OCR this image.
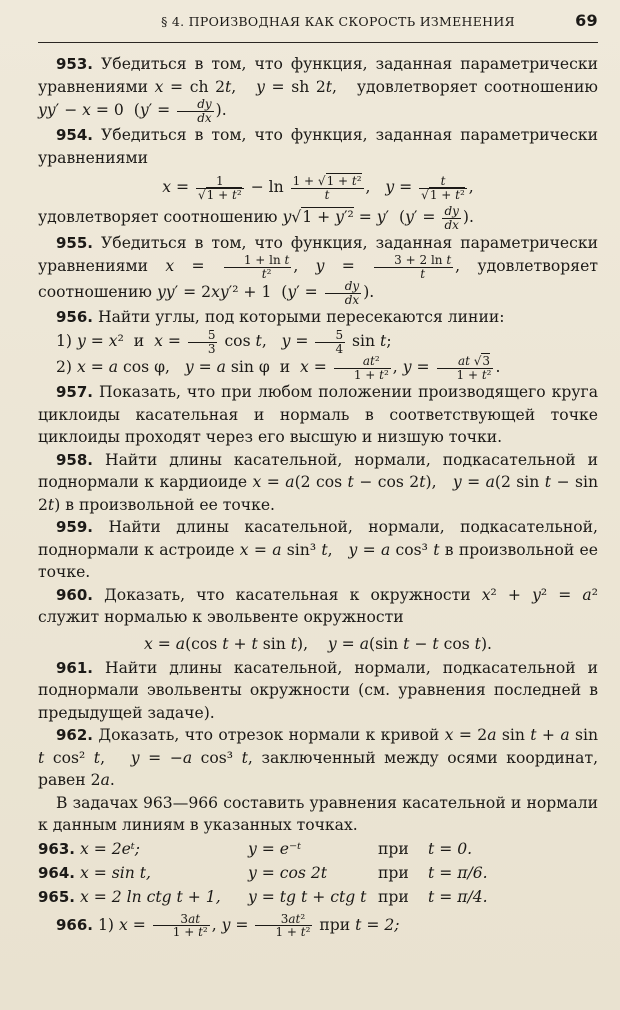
§ 4. ПРОИЗВОДНАЯ КАК СКОРОСТЬ ИЗМЕНЕНИЯ	69

953. Убедиться в том, что функция, заданная параметрически уравнениями x = ch 2t,   y = sh 2t,   удовлетворяет соотношению yy′ − x = 0  ($y' = \frac{dy}{dx}$ ).

954. Убедиться в том, что функция, заданная параметрически уравнениями

$x = \frac{1}{\text{√1 + t²}} - \ln \frac{\text{1 + √1 + t²}}{t}$ ,   $y = \frac{t}{\text{√1 + t²}}$ ,

удовлетворяет соотношению y√1 + y′² = y′  ($y' = \frac{dy}{dx}$ ).

955. Убедиться в том, что функция, заданная параметрически уравнениями $x = \frac{\text{1 + ln t}}{\text{t²}}$ , $y = \frac{\text{3 + 2 ln t}}{t}$ , удовлетворяет соотношению yy′ = 2xy′² + 1  ($y' = \frac{dy}{dx}$ ).

956. Найти углы, под которыми пересекаются линии:

1) y = x²  и $x = \frac{5}{3}$ cos t,   $y = \frac{5}{4}$ sin t;

2) x = a cos φ,   y = a sin φ  и $x = \frac{\text{at²}}{\text{1 + t²}}$ , $y = \frac{at √3}{\text{1 + t²}}$ .

957. Показать, что при любом положении производящего круга циклоиды касательная и нормаль в соответствующей точке циклоиды проходят через его высшую и низшую точки.

958. Найти длины касательной, нормали, подкасательной и поднормали к кардиоиде x = a(2 cos t − cos 2t),   y = a(2 sin t − sin 2t) в произвольной ее точке.

959. Найти длины касательной, нормали, подкасательной, поднормали к астроиде x = a sin³ t,   y = a cos³ t в произвольной ее точке.

960. Доказать, что касательная к окружности x² + y² = a² служит нормалью к эвольвенте окружности

x = a(cos t + t sin t),    y = a(sin t − t cos t).

961. Найти длины касательной, нормали, подкасательной и поднормали эвольвенты окружности (см. уравнения последней в предыдущей задаче).

962. Доказать, что отрезок нормали к кривой x = 2a sin t + a sin t cos² t,   y = −a cos³ t, заключенный между осями координат, равен 2a.

В задачах 963—966 составить уравнения касательной и нормали к данным линиям в указанных точках.

963. x = 2eᵗ;	y = e⁻ᵗ	при	t = 0.
964. x = sin t,	y = cos 2t	при	t = π/6.
965. x = 2 ln ctg t + 1,	y = tg t + ctg t при	t = π/4.

966. 1) $x = \frac{3at}{\text{1 + t²}}$ , $y = \frac{\text{3at²}}{\text{1 + t²}}$ при t = 2;
